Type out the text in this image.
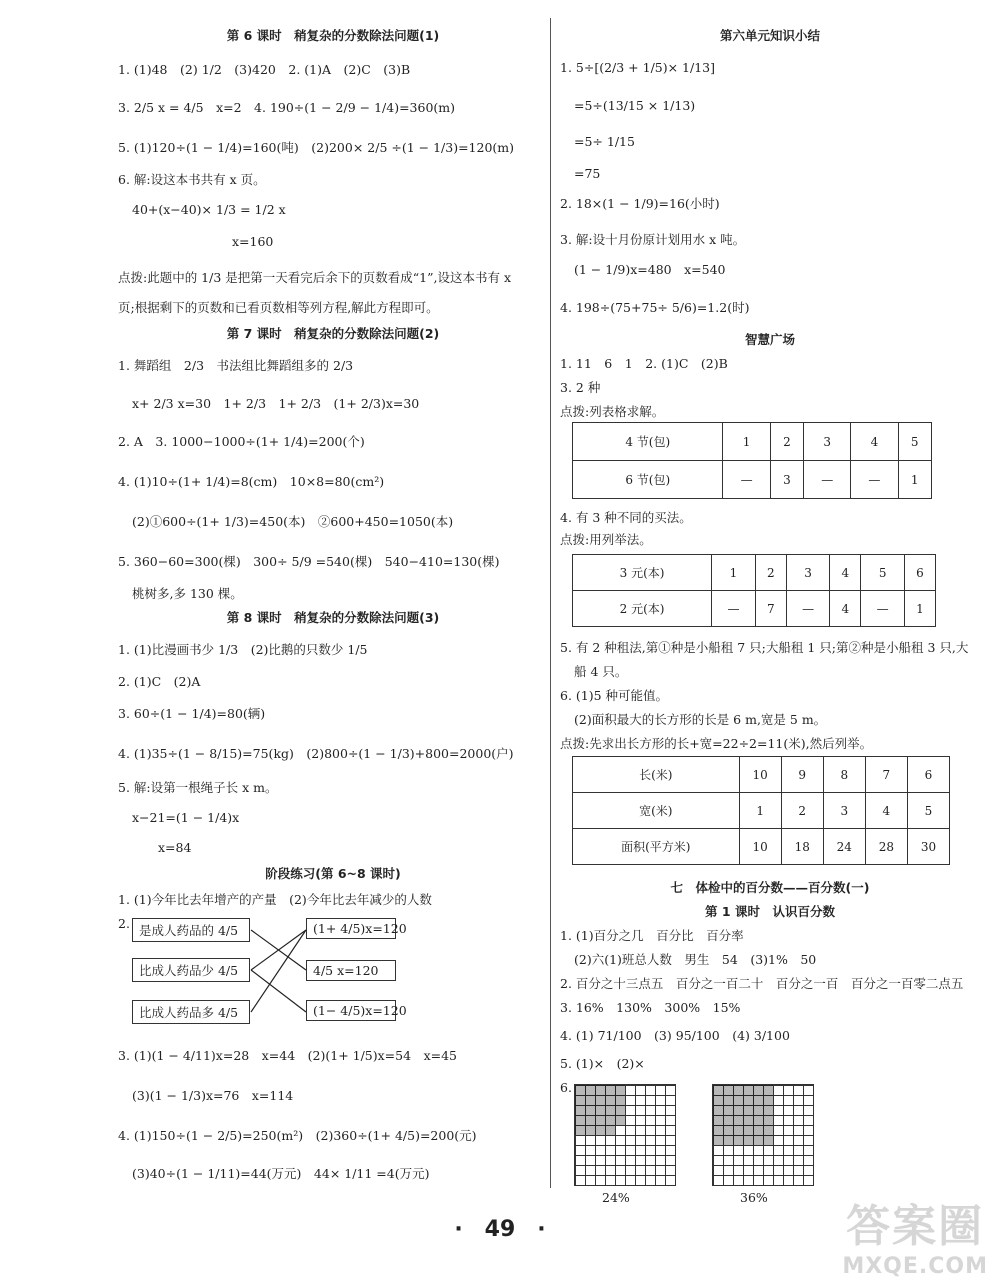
第 6 课时　稍复杂的分数除法问题(1)
1. (1)48　(2) 1/2　(3)420　2. (1)A　(2)C　(3)B
3. 2/5 x = 4/5　x=2　4. 190÷(1 − 2/9 − 1/4)=360(m)
5. (1)120÷(1 − 1/4)=160(吨)　(2)200× 2/5 ÷(1 − 1/3)=120(m)
6. 解:设这本书共有 x 页。
40+(x−40)× 1/3 = 1/2 x
x=160
点拨:此题中的 1/3 是把第一天看完后余下的页数看成“1”,设这本书有 x
页;根据剩下的页数和已看页数相等列方程,解此方程即可。
第 7 课时　稍复杂的分数除法问题(2)
1. 舞蹈组　2/3　书法组比舞蹈组多的 2/3
x+ 2/3 x=30　1+ 2/3　1+ 2/3　(1+ 2/3)x=30
2. A　3. 1000−1000÷(1+ 1/4)=200(个)
4. (1)10÷(1+ 1/4)=8(cm)　10×8=80(cm²)
(2)①600÷(1+ 1/3)=450(本)　②600+450=1050(本)
5. 360−60=300(棵)　300÷ 5/9 =540(棵)　540−410=130(棵)
桃树多,多 130 棵。
第 8 课时　稍复杂的分数除法问题(3)
1. (1)比漫画书少 1/3　(2)比鹅的只数少 1/5
2. (1)C　(2)A
3. 60÷(1 − 1/4)=80(辆)
4. (1)35÷(1 − 8/15)=75(kg)　(2)800÷(1 − 1/3)+800=2000(户)
5. 解:设第一根绳子长 x m。
x−21=(1 − 1/4)x
x=84
阶段练习(第 6~8 课时)
1. (1)今年比去年增产的产量　(2)今年比去年减少的人数
2. 是成人药品的 4/5
比成人药品少 4/5
比成人药品多 4/5
(1+ 4/5)x=120
4/5 x=120
(1− 4/5)x=120
3. (1)(1 − 4/11)x=28　x=44　(2)(1+ 1/5)x=54　x=45
(3)(1 − 1/3)x=76　x=114
4. (1)150÷(1 − 2/5)=250(m²)　(2)360÷(1+ 4/5)=200(元)
(3)40÷(1 − 1/11)=44(万元)　44× 1/11 =4(万元)
第六单元知识小结
1. 5÷[(2/3 + 1/5)× 1/13]
=5÷(13/15 × 1/13)
=5÷ 1/15
=75
2. 18×(1 − 1/9)=16(小时)
3. 解:设十月份原计划用水 x 吨。
(1 − 1/9)x=480　x=540
4. 198÷(75+75÷ 5/6)=1.2(时)
智慧广场
1. 11　6　1　2. (1)C　(2)B
3. 2 种
点拨:列表格求解。
4 节(包)	1	2	3	4	5
6 节(包)	—	3	—	—	1
4. 有 3 种不同的买法。
点拨:用列举法。
3 元(本)	1	2	3	4	5	6
2 元(本)	—	7	—	4	—	1
5. 有 2 种租法,第①种是小船租 7 只;大船租 1 只;第②种是小船租 3 只,大
船 4 只。
6. (1)5 种可能值。
(2)面积最大的长方形的长是 6 m,宽是 5 m。
点拨:先求出长方形的长+宽=22÷2=11(米),然后列举。
长(米)	10	9	8	7	6
宽(米)	1	2	3	4	5
面积(平方米)	10	18	24	28	30
七　体检中的百分数——百分数(一)
第 1 课时　认识百分数
1. (1)百分之几　百分比　百分率
(2)六(1)班总人数　男生　54　(3)1%　50
2. 百分之十三点五　百分之一百二十　百分之一百　百分之一百零二点五
3. 16%　130%　300%　15%
4. (1) 71/100　(3) 95/100　(4) 3/100
5. (1)×　(2)×
6.
24%	36%
·　49　·	答案圈
MXQE.COM
